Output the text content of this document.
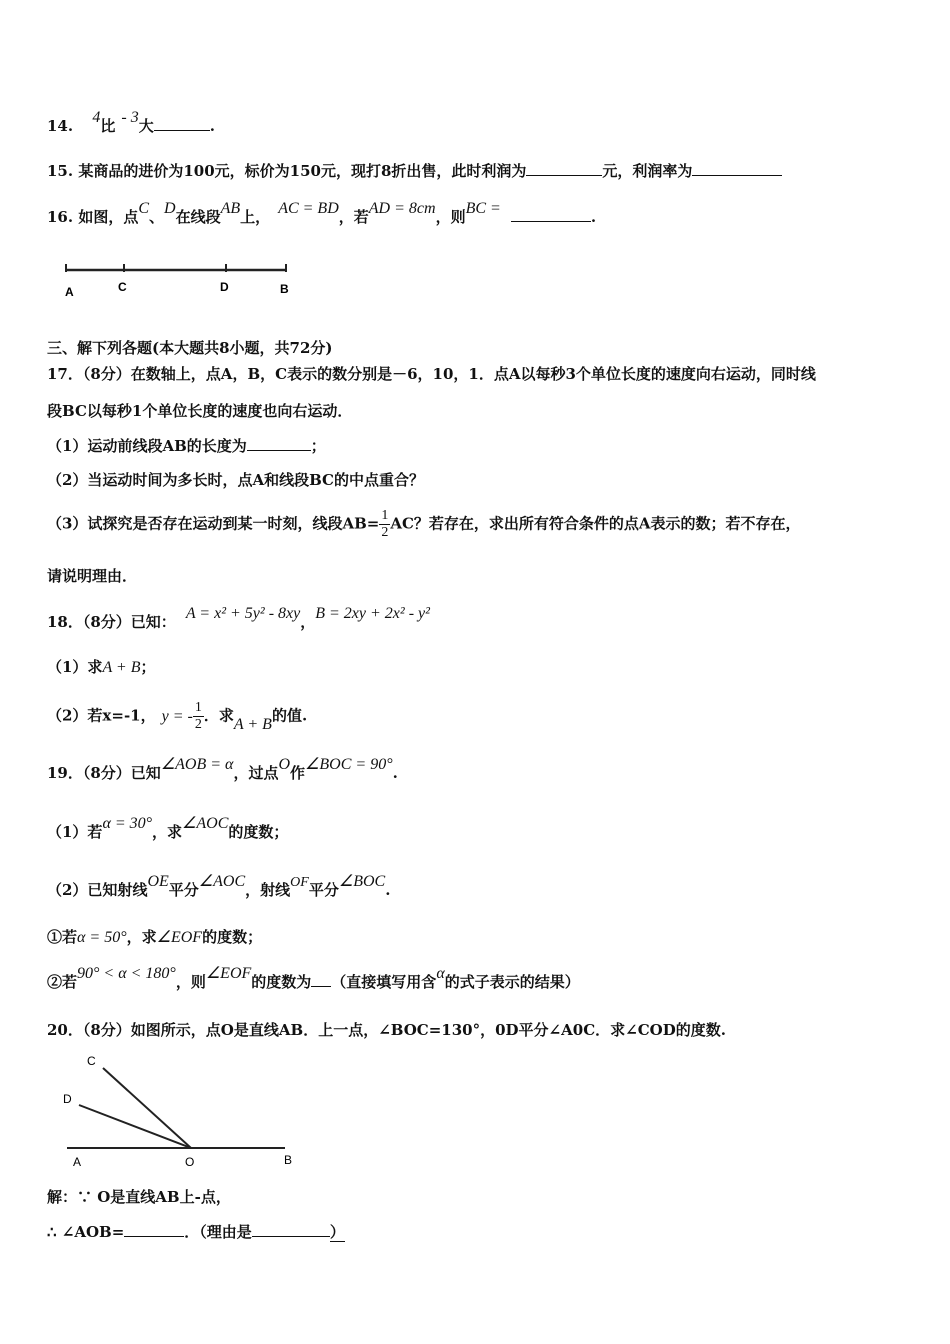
14. 4比 - 3大	.
15. 某商品的进价为100元，标价为150元，现打8折出售，此时利润为	元，利润率为
16. 如图，点C、D在线段AB上， AC = BD，若AD = 8cm，则BC =	.
A	C	D	B
三、解下列各题(本大题共8小题，共72分)
17．（8分）在数轴上，点A，B，C表示的数分别是－6，10，1．点A以每秒3个单位长度的速度向右运动，同时线
段BC以每秒1个单位长度的速度也向右运动．
（1）运动前线段AB的长度为	；
（2）当运动时间为多长时，点A和线段BC的中点重合？
（3）试探究是否存在运动到某一时刻，线段$AB= \frac{1}{2}$ AC？若存在，求出所有符合条件的点A表示的数；若不存在，
请说明理由．
18．（8分）已知： A = x² + 5y² - 8xy，B = 2xy + 2x² - y²
（1）求A + B；
（2）若x=-1， y = - $\frac{1}{2}$ ．求A + B的值.
19．（8分）已知∠AOB = α，过点O作∠BOC = 90°.
（1）若α = 30°，求∠AOC的度数；
（2）已知射线OE平分∠AOC，射线OF平分∠BOC.
①若α = 50°，求∠EOF的度数；
②若90° < α < 180°，则∠EOF的度数为 （直接填写用含α的式子表示的结果）
20．（8分）如图所示，点O是直线AB．上一点，∠BOC=130°，0D平分∠A0C．求∠COD的度数.
C
D
A	O	B
解：∵ O是直线AB上-点，
∴ ∠AOB=	．（理由是	）
